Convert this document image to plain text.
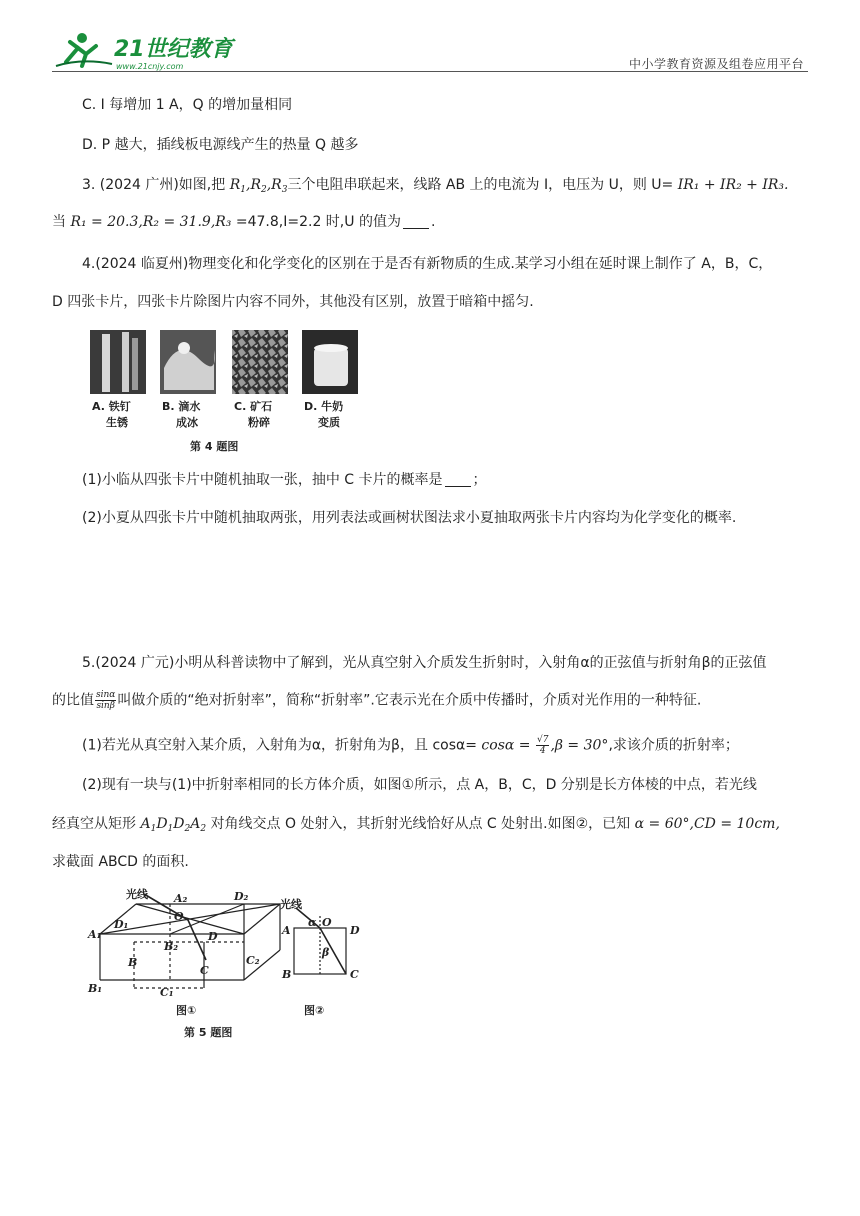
21世纪教育
www.21cnjy.com	中小学教育资源及组卷应用平台
C. I 每增加 1 A，Q 的增加量相同
D. P 越大，插线板电源线产生的热量 Q 越多
3. (2024 广州)如图,把 $R_1,R_2,R_3$三个电阻串联起来，线路 AB 上的电流为 I，电压为 U，则 U= IR₁ + IR₂ + IR₃.
当 R₁ = 20.3,R₂ = 31.9,R₃ =47.8,I=2.2 时,U 的值为 .
4.(2024 临夏州)物理变化和化学变化的区别在于是否有新物质的生成.某学习小组在延时课上制作了 A，B，C，
D 四张卡片，四张卡片除图片内容不同外，其他没有区别，放置于暗箱中摇匀.
A. 铁钉
生锈
B. 滴水
成冰
C. 矿石
粉碎
D. 牛奶
变质
第 4 题图
(1)小临从四张卡片中随机抽取一张，抽中 C 卡片的概率是 ；
(2)小夏从四张卡片中随机抽取两张，用列表法或画树状图法求小夏抽取两张卡片内容均为化学变化的概率.
5.(2024 广元)小明从科普读物中了解到，光从真空射入介质发生折射时，入射角α的正弦值与折射角β的正弦值
的比值 $\frac{\sin\alpha}{\sin\beta}$ 叫做介质的“绝对折射率”，简称“折射率”.它表示光在介质中传播时，介质对光作用的一种特征.
(1)若光从真空射入某介质，入射角为α，折射角为β，且 $\cos\alpha= \cos\alpha = \frac{√7}{4} ,\beta = 30^\circ$,求该介质的折射率；
(2)现有一块与(1)中折射率相同的长方体介质，如图①所示，点 A，B，C，D 分别是长方体棱的中点，若光线
经真空从矩形 $A_1D_1D_2A_2$ 对角线交点 O 处射入，其折射光线恰好从点 C 处射出.如图②，已知 α = 60°,CD = 10cm,
求截面 ABCD 的面积.
光线
A₁
D₁
A₂
O
D₂
B₂
D
B
C
C₂
B₁	C₁
图①
光线
α O
A	D
β
B	C
图②
第 5 题图
